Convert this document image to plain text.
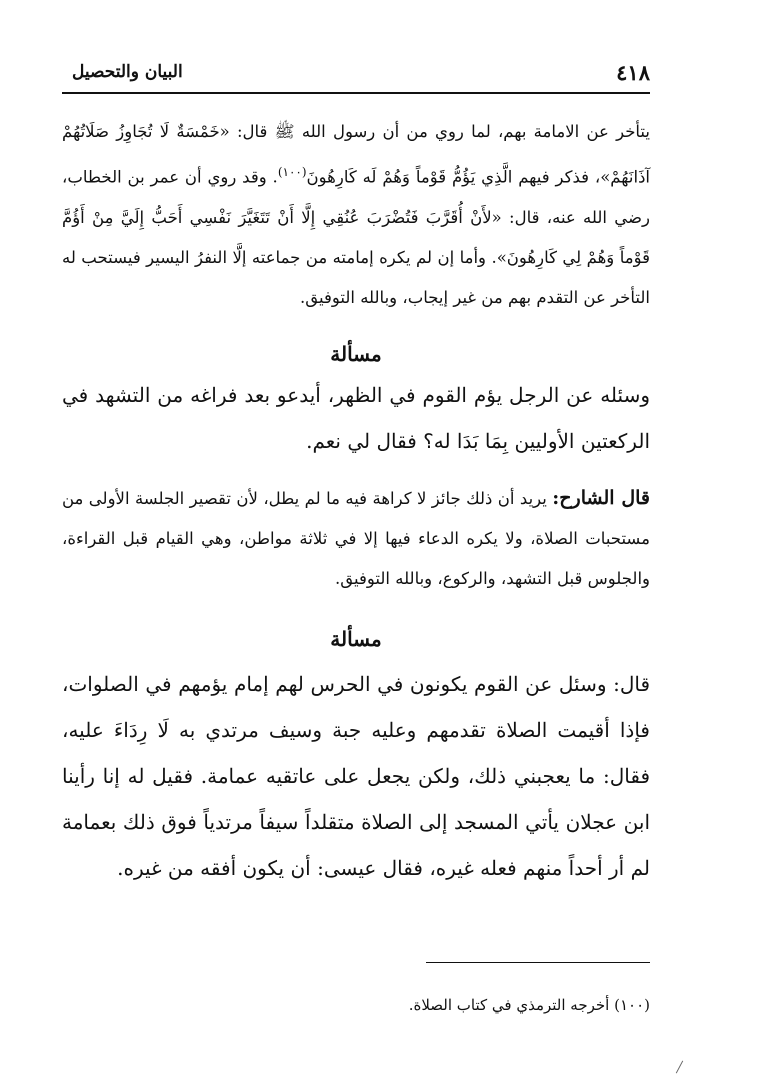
٤١٨
البيان والتحصيل

يتأخر عن الامامة بهم، لما روي من أن رسول الله ﷺ قال: «خَمْسَةٌ لَا تُجَاوِزُ صَلَاتُهُمْ آذَانَهُمْ»، فذكر فيهم الَّذِي يَؤُمُّ قَوْماً وَهُمْ لَه كَارِهُونَ$^{(١٠٠)}$. وقد روي أن عمر بن الخطاب، رضي الله عنه، قال: «لأَنْ أُقَرَّبَ فَتُضْرَبَ عُنُقِي إِلَّا أَنْ تَتَغَيَّرَ نَفْسِي أَحَبُّ إِلَيَّ مِنْ أَؤُمَّ قَوْماً وَهُمْ لِي كَارِهُونَ». وأما إن لم يكره إمامته من جماعته إلَّا النفرُ اليسير فيستحب له التأخر عن التقدم بهم من غير إيجاب، وبالله التوفيق.

مسألة

وسئله عن الرجل يؤم القوم في الظهر، أيدعو بعد فراغه من التشهد في الركعتين الأوليين بِمَا بَدَا له؟ فقال لي نعم.

قال الشارح: يريد أن ذلك جائز لا كراهة فيه ما لم يطل، لأن تقصير الجلسة الأولى من مستحبات الصلاة، ولا يكره الدعاء فيها إلا في ثلاثة مواطن، وهي القيام قبل القراءة، والجلوس قبل التشهد، والركوع، وبالله التوفيق.

مسألة

قال: وسئل عن القوم يكونون في الحرس لهم إمام يؤمهم في الصلوات، فإذا أقيمت الصلاة تقدمهم وعليه جبة وسيف مرتدي به لَا رِدَاءَ عليه، فقال: ما يعجبني ذلك، ولكن يجعل على عاتقيه عمامة. فقيل له إنا رأينا ابن عجلان يأتي المسجد إلى الصلاة متقلداً سيفاً مرتدياً فوق ذلك بعمامة لم أر أحداً منهم فعله غيره، فقال عيسى: أن يكون أفقه من غيره.

(١٠٠) أخرجه الترمذي في كتاب الصلاة.
